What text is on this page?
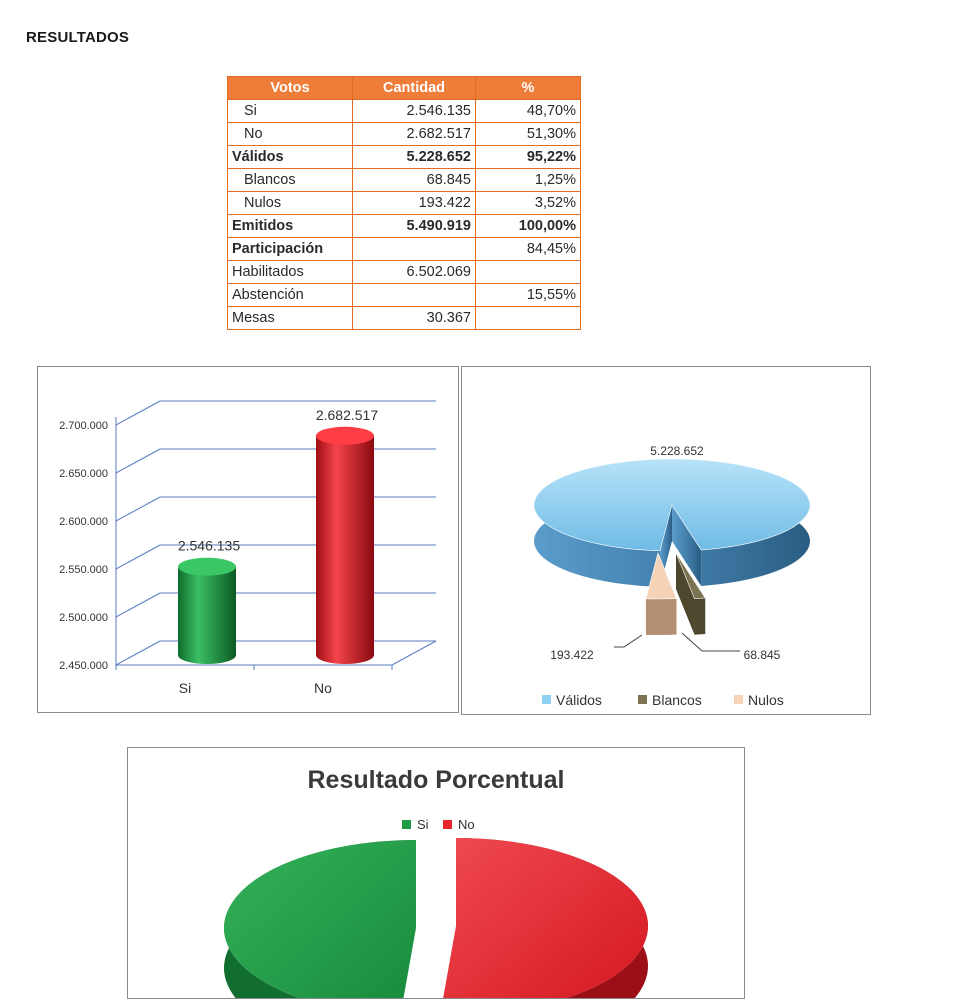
RESULTADOS
Votos	Cantidad	%
Si	2.546.135	48,70%
No	2.682.517	51,30%
Válidos	5.228.652	95,22%
Blancos	68.845	1,25%
Nulos	193.422	3,52%
Emitidos	5.490.919	100,00%
Participación		84,45%
Habilitados	6.502.069	
Abstención		15,55%
Mesas	30.367	
2.450.000
2.500.000
2.550.000
2.600.000
2.650.000
2.700.000
2.546.135
Si
2.682.517
No
5.228.652
193.422	68.845
Válidos	Blancos	Nulos
Resultado Porcentual
Si No
